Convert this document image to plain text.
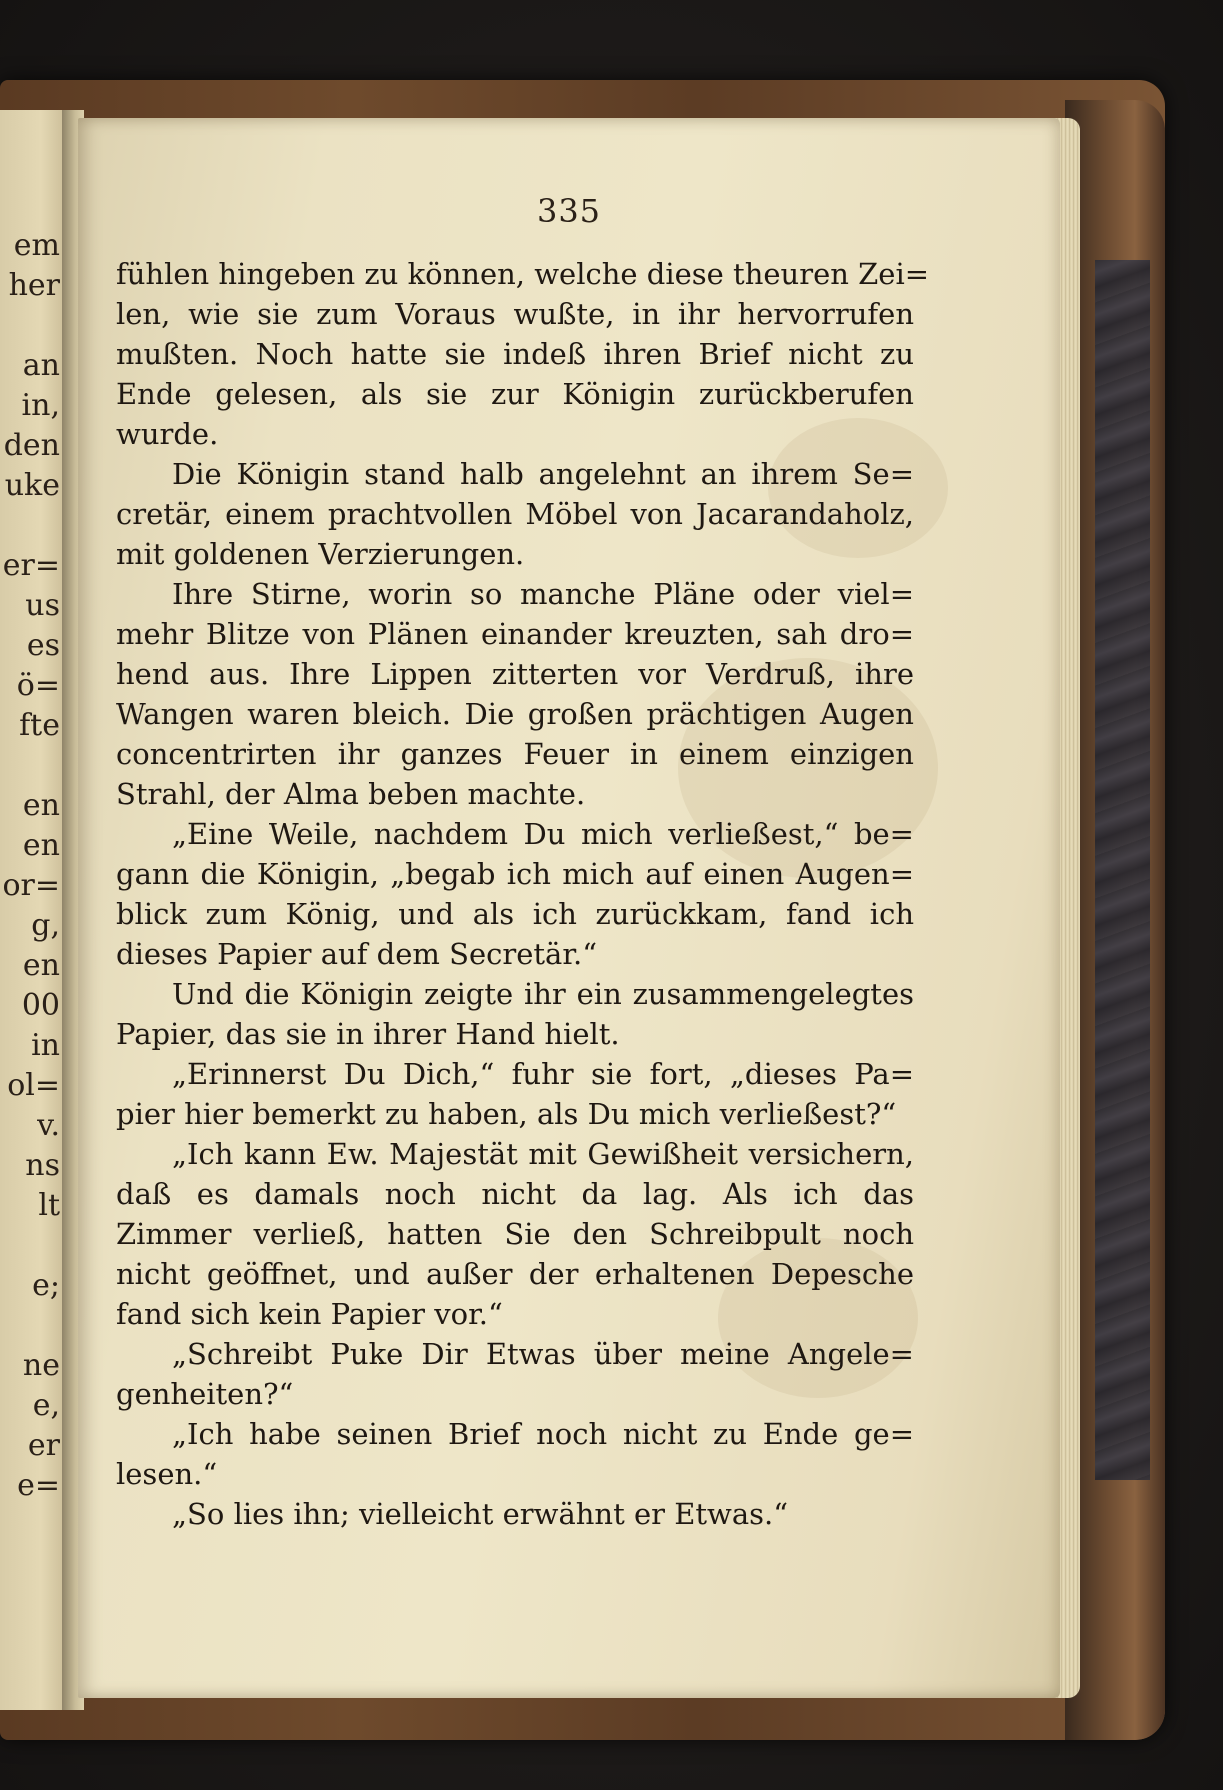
em
her
an
in,
den
uke
er=
us
es
ö=
fte
en
en
or=
g,
en
00
in
ol=
v.
ns
lt
e;
ne
e,
er
e=
335
fühlen hingeben zu können, welche diese theuren Zei=
len, wie sie zum Voraus wußte, in ihr hervorrufen
mußten. Noch hatte sie indeß ihren Brief nicht zu
Ende gelesen, als sie zur Königin zurückberufen
wurde.
Die Königin stand halb angelehnt an ihrem Se=
cretär, einem prachtvollen Möbel von Jacarandaholz,
mit goldenen Verzierungen.
Ihre Stirne, worin so manche Pläne oder viel=
mehr Blitze von Plänen einander kreuzten, sah dro=
hend aus. Ihre Lippen zitterten vor Verdruß, ihre
Wangen waren bleich. Die großen prächtigen Augen
concentrirten ihr ganzes Feuer in einem einzigen
Strahl, der Alma beben machte.
„Eine Weile, nachdem Du mich verließest,“ be=
gann die Königin, „begab ich mich auf einen Augen=
blick zum König, und als ich zurückkam, fand ich
dieses Papier auf dem Secretär.“
Und die Königin zeigte ihr ein zusammengelegtes
Papier, das sie in ihrer Hand hielt.
„Erinnerst Du Dich,“ fuhr sie fort, „dieses Pa=
pier hier bemerkt zu haben, als Du mich verließest?“
„Ich kann Ew. Majestät mit Gewißheit versichern,
daß es damals noch nicht da lag. Als ich das
Zimmer verließ, hatten Sie den Schreibpult noch
nicht geöffnet, und außer der erhaltenen Depesche
fand sich kein Papier vor.“
„Schreibt Puke Dir Etwas über meine Angele=
genheiten?“
„Ich habe seinen Brief noch nicht zu Ende ge=
lesen.“
„So lies ihn; vielleicht erwähnt er Etwas.“
